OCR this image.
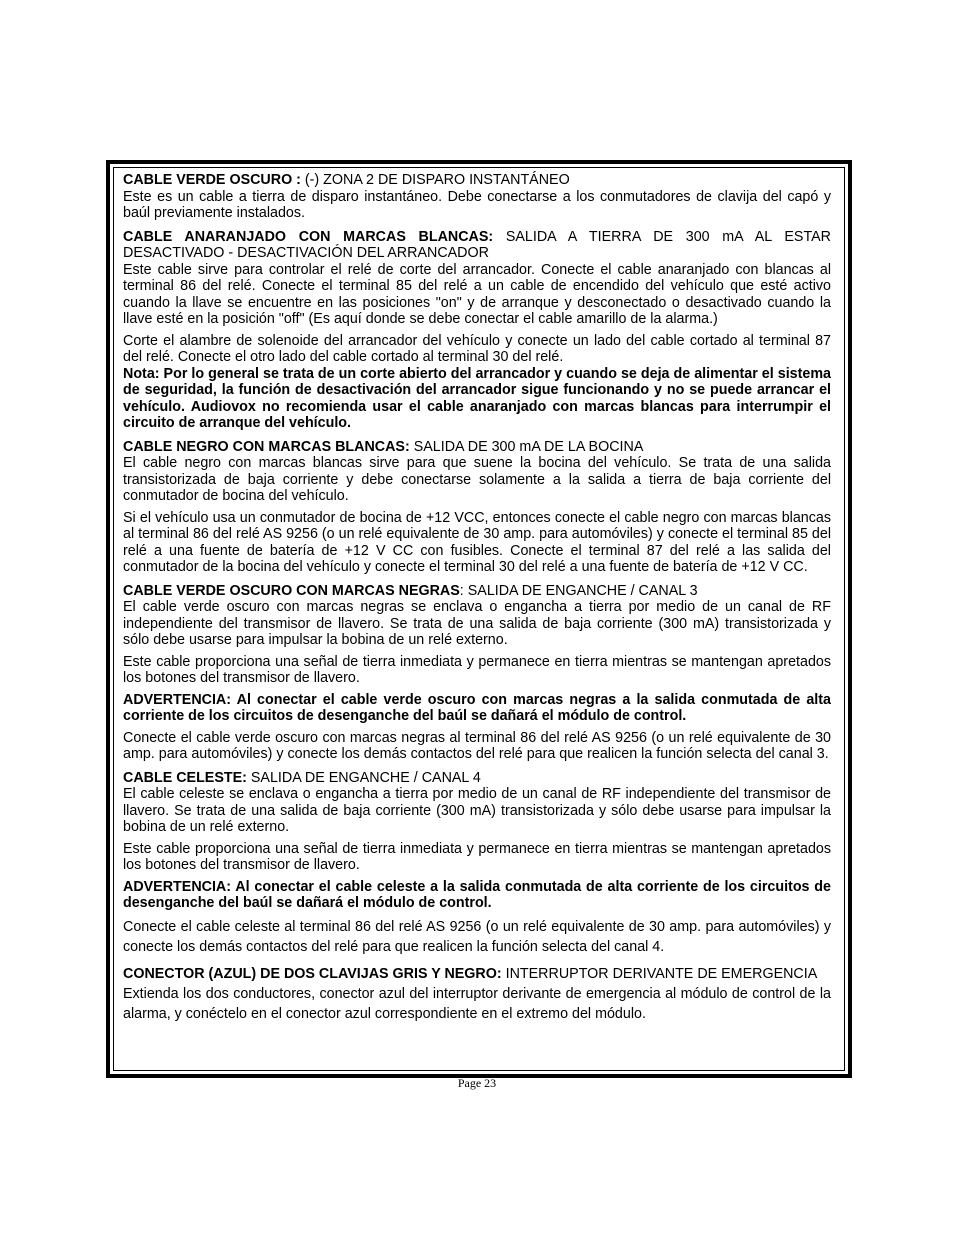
CABLE VERDE OSCURO : (-) ZONA 2 DE DISPARO INSTANTÁNEO

Este es un cable a tierra de disparo instantáneo. Debe conectarse a los conmutadores de clavija del capó y baúl previamente instalados.

CABLE ANARANJADO CON MARCAS BLANCAS: SALIDA A TIERRA DE 300 mA AL ESTAR DESACTIVADO - DESACTIVACIÓN DEL ARRANCADOR

Este cable sirve para controlar el relé de corte del arrancador. Conecte el cable anaranjado con blancas al terminal 86 del relé. Conecte el terminal 85 del relé a un cable de encendido del vehículo que esté activo cuando la llave se encuentre en las posiciones "on" y de arranque y desconectado o desactivado cuando la llave esté en la posición "off" (Es aquí donde se debe conectar el cable amarillo de la alarma.)

Corte el alambre de solenoide del arrancador del vehículo y conecte un lado del cable cortado al terminal 87 del relé. Conecte el otro lado del cable cortado al terminal 30 del relé.

Nota: Por lo general se trata de un corte abierto del arrancador y cuando se deja de alimentar el sistema de seguridad, la función de desactivación del arrancador sigue funcionando y no se puede arrancar el vehículo. Audiovox no recomienda usar el cable anaranjado con marcas blancas para interrumpir el circuito de arranque del vehículo.

CABLE NEGRO CON MARCAS BLANCAS: SALIDA DE 300 mA DE LA BOCINA

El cable negro con marcas blancas sirve para que suene la bocina del vehículo. Se trata de una salida transistorizada de baja corriente y debe conectarse solamente a la salida a tierra de baja corriente del conmutador de bocina del vehículo.

Si el vehículo usa un conmutador de bocina de +12 VCC, entonces conecte el cable negro con marcas blancas al terminal 86 del relé AS 9256 (o un relé equivalente de 30 amp. para automóviles) y conecte el terminal 85 del relé a una fuente de batería de +12 V CC con fusibles. Conecte el terminal 87 del relé a las salida del conmutador de la bocina del vehículo y conecte el terminal 30 del relé a una fuente de batería de +12 V CC.

CABLE VERDE OSCURO CON MARCAS NEGRAS: SALIDA DE ENGANCHE / CANAL 3

El cable verde oscuro con marcas negras se enclava o engancha a tierra por medio de un canal de RF independiente del transmisor de llavero. Se trata de una salida de baja corriente (300 mA) transistorizada y sólo debe usarse para impulsar la bobina de un relé externo.

Este cable proporciona una señal de tierra inmediata y permanece en tierra mientras se mantengan apretados los botones del transmisor de llavero.

ADVERTENCIA: Al conectar el cable verde oscuro con marcas negras a la salida conmutada de alta corriente de los circuitos de desenganche del baúl se dañará el módulo de control.

Conecte el cable verde oscuro con marcas negras al terminal 86 del relé AS 9256 (o un relé equivalente de 30 amp. para automóviles) y conecte los demás contactos del relé para que realicen la función selecta del canal 3.

CABLE CELESTE: SALIDA DE ENGANCHE / CANAL 4

El cable celeste se enclava o engancha a tierra por medio de un canal de RF independiente del transmisor de llavero. Se trata de una salida de baja corriente (300 mA) transistorizada y sólo debe usarse para impulsar la bobina de un relé externo.

Este cable proporciona una señal de tierra inmediata y permanece en tierra mientras se mantengan apretados los botones del transmisor de llavero.

ADVERTENCIA: Al conectar el cable celeste a la salida conmutada de alta corriente de los circuitos de desenganche del baúl se dañará el módulo de control.

Conecte el cable celeste al terminal 86 del relé AS 9256 (o un relé equivalente de 30 amp. para automóviles) y conecte los demás contactos del relé para que realicen la función selecta del canal 4.

CONECTOR (AZUL) DE DOS CLAVIJAS GRIS Y NEGRO: INTERRUPTOR DERIVANTE DE EMERGENCIA

Extienda los dos conductores, conector azul del interruptor derivante de emergencia al módulo de control de la alarma, y conéctelo en el conector azul correspondiente en el extremo del módulo.

Page 23
